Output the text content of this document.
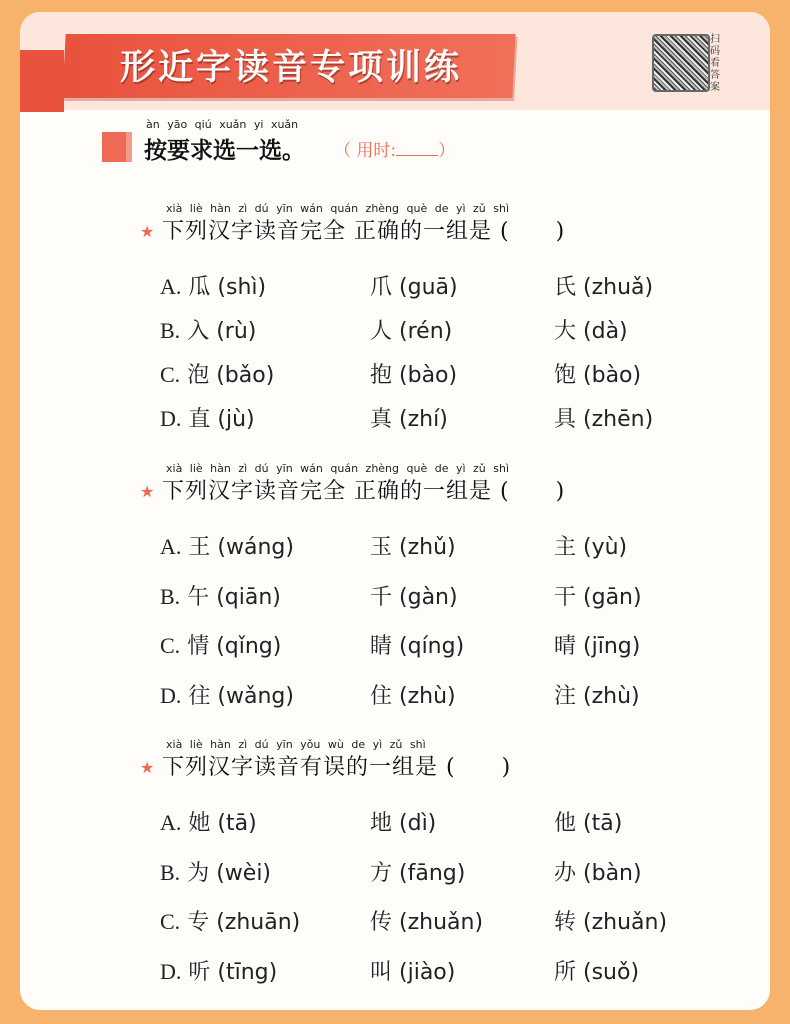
形近字读音专项训练
扫码看答案
àn yāo qiú xuǎn yi xuǎn
按要求选一选。 （ 用时: ）
xià liè hàn zì dú yīn wán quán zhèng què de yì zǔ shì
★ 下列汉字读音完全 正确的一组是 (　　)
A. 瓜 (shì)	爪 (guā)	氏 (zhuǎ)
B. 入 (rù)	人 (rén)	大 (dà)
C. 泡 (bǎo)	抱 (bào)	饱 (bào)
D. 直 (jù)	真 (zhí)	具 (zhēn)
xià liè hàn zì dú yīn wán quán zhèng què de yì zǔ shì
★ 下列汉字读音完全 正确的一组是 (　　)
A. 王 (wáng)	玉 (zhǔ)	主 (yù)
B. 午 (qiān)	千 (gàn)	干 (gān)
C. 情 (qǐng)	睛 (qíng)	晴 (jīng)
D. 往 (wǎng)	住 (zhù)	注 (zhù)
xià liè hàn zì dú yīn yǒu wù de yì zǔ shì
★ 下列汉字读音有误的一组是 (　　)
A. 她 (tā)	地 (dì)	他 (tā)
B. 为 (wèi)	方 (fāng)	办 (bàn)
C. 专 (zhuān)	传 (zhuǎn)	转 (zhuǎn)
D. 听 (tīng)	叫 (jiào)	所 (suǒ)
